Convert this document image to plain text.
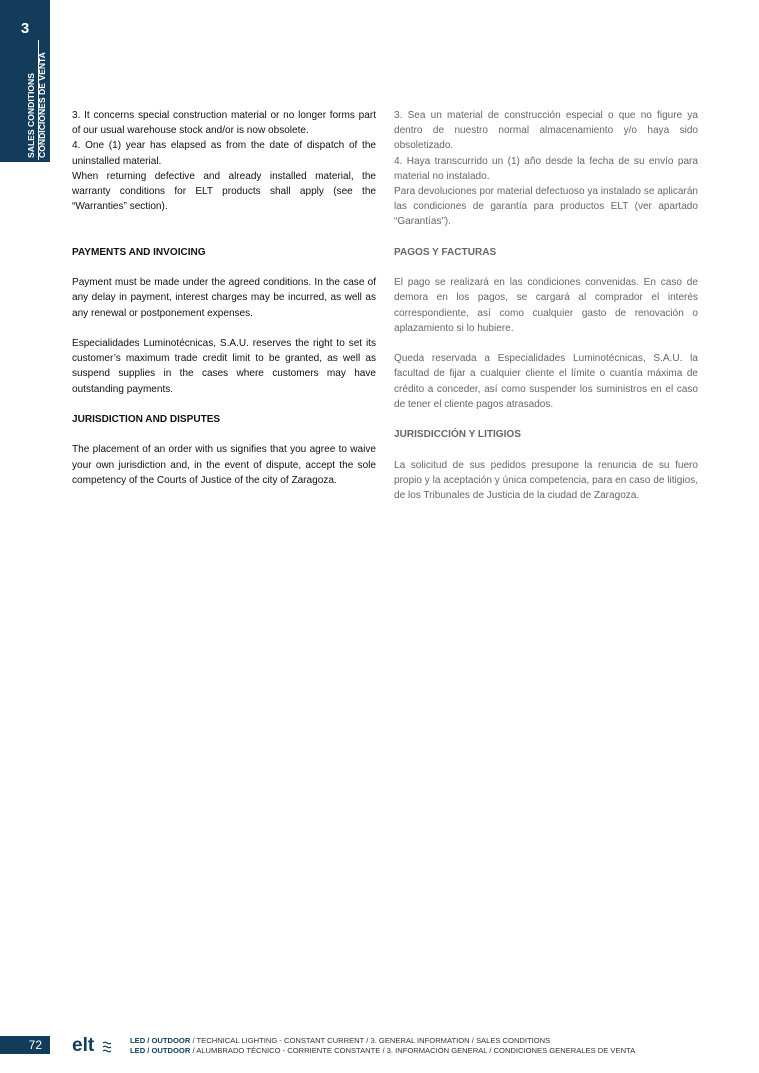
3
SALES CONDITIONS CONDICIONES DE VENTA	3. It concerns special construction material or no longer forms part of our usual warehouse stock and/or is now obsolete.

4. One (1) year has elapsed as from the date of dispatch of the uninstalled material.

When returning defective and already installed material, the warranty conditions for ELT products shall apply (see the “Warranties” section).

PAYMENTS AND INVOICING

Payment must be made under the agreed conditions. In the case of any delay in payment, interest charges may be incurred, as well as any renewal or postponement expenses.

Especialidades Luminotécnicas, S.A.U. reserves the right to set its customer’s maximum trade credit limit to be granted, as well as suspend supplies in the cases where customers may have outstanding payments.

JURISDICTION AND DISPUTES

The placement of an order with us signifies that you agree to waive your own jurisdiction and, in the event of dispute, accept the sole competency of the Courts of Justice of the city of Zaragoza.

3. Sea un material de construcción especial o que no figure ya dentro de nuestro normal almacenamiento y/o haya sido obsoletizado.

4. Haya transcurrido un (1) año desde la fecha de su envío para material no instalado.

Para devoluciones por material defectuoso ya instalado se aplicarán las condiciones de garantía para productos ELT (ver apartado “Garantías”).

PAGOS Y FACTURAS

El pago se realizará en las condiciones convenidas. En caso de demora en los pagos, se cargará al comprador el interés correspondiente, así como cualquier gasto de renovación o aplazamiento si lo hubiere.

Queda reservada a Especialidades Luminotécnicas, S.A.U. la facultad de fijar a cualquier cliente el límite o cuantía máxima de crédito a conceder, así como suspender los suministros en el caso de tener el cliente pagos atrasados.

JURISDICCIÓN Y LITIGIOS

La solicitud de sus pedidos presupone la renuncia de su fuero propio y la aceptación y única competencia, para en caso de litigios, de los Tribunales de Justicia de la ciudad de Zaragoza.

72	elt	LED / OUTDOOR / TECHNICAL LIGHTING - CONSTANT CURRENT / 3. GENERAL INFORMATION / SALES CONDITIONS
LED / OUTDOOR / ALUMBRADO TÉCNICO - CORRIENTE CONSTANTE / 3. INFORMACIÓN GENERAL / CONDICIONES GENERALES DE VENTA
